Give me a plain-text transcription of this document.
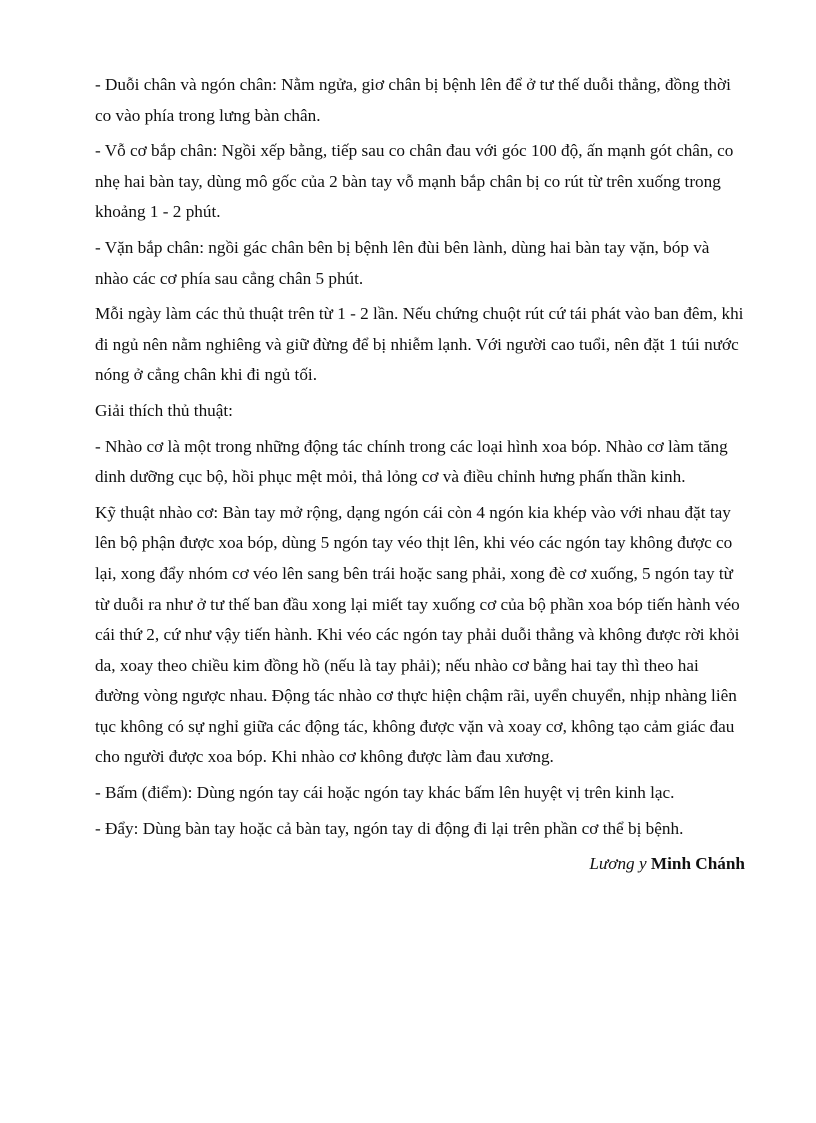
- Duỗi chân và ngón chân: Nằm ngửa, giơ chân bị bệnh lên để ở tư thế duỗi thẳng, đồng thời co vào phía trong lưng bàn chân.

- Vỗ cơ bắp chân: Ngồi xếp bằng, tiếp sau co chân đau với góc 100 độ, ấn mạnh gót chân, co nhẹ hai bàn tay, dùng mô gốc của 2 bàn tay vỗ mạnh bắp chân bị co rút từ trên xuống trong khoảng 1 - 2 phút.

- Vặn bắp chân: ngồi gác chân bên bị bệnh lên đùi bên lành, dùng hai bàn tay vặn, bóp và nhào các cơ phía sau cẳng chân 5 phút.

Mỗi ngày làm các thủ thuật trên từ 1 - 2 lần. Nếu chứng chuột rút cứ tái phát vào ban đêm, khi đi ngủ nên nằm nghiêng và giữ đừng để bị nhiễm lạnh. Với người cao tuổi, nên đặt 1 túi nước nóng ở cẳng chân khi đi ngủ tối.

Giải thích thủ thuật:

- Nhào cơ là một trong những động tác chính trong các loại hình xoa bóp. Nhào cơ làm tăng dinh dưỡng cục bộ, hồi phục mệt mỏi, thả lỏng cơ và điều chỉnh hưng phấn thần kinh.

Kỹ thuật nhào cơ: Bàn tay mở rộng, dạng ngón cái còn 4 ngón kia khép vào với nhau đặt tay lên bộ phận được xoa bóp, dùng 5 ngón tay véo thịt lên, khi véo các ngón tay không được co lại, xong đẩy nhóm cơ véo lên sang bên trái hoặc sang phải, xong đè cơ xuống, 5 ngón tay từ từ duỗi ra như ở tư thế ban đầu xong lại miết tay xuống cơ của bộ phần xoa bóp tiến hành véo cái thứ 2, cứ như vậy tiến hành. Khi véo các ngón tay phải duỗi thẳng và không được rời khỏi da, xoay theo chiều kim đồng hồ (nếu là tay phải); nếu nhào cơ bằng hai tay thì theo hai đường vòng ngược nhau. Động tác nhào cơ thực hiện chậm rãi, uyển chuyển, nhịp nhàng liên tục không có sự nghỉ giữa các động tác, không được vặn và xoay cơ, không tạo cảm giác đau cho người được xoa bóp. Khi nhào cơ không được làm đau xương.

- Bấm (điểm): Dùng ngón tay cái hoặc ngón tay khác bấm lên huyệt vị trên kinh lạc.

- Đẩy: Dùng bàn tay hoặc cả bàn tay, ngón tay di động đi lại trên phần cơ thể bị bệnh.

Lương y Minh Chánh
